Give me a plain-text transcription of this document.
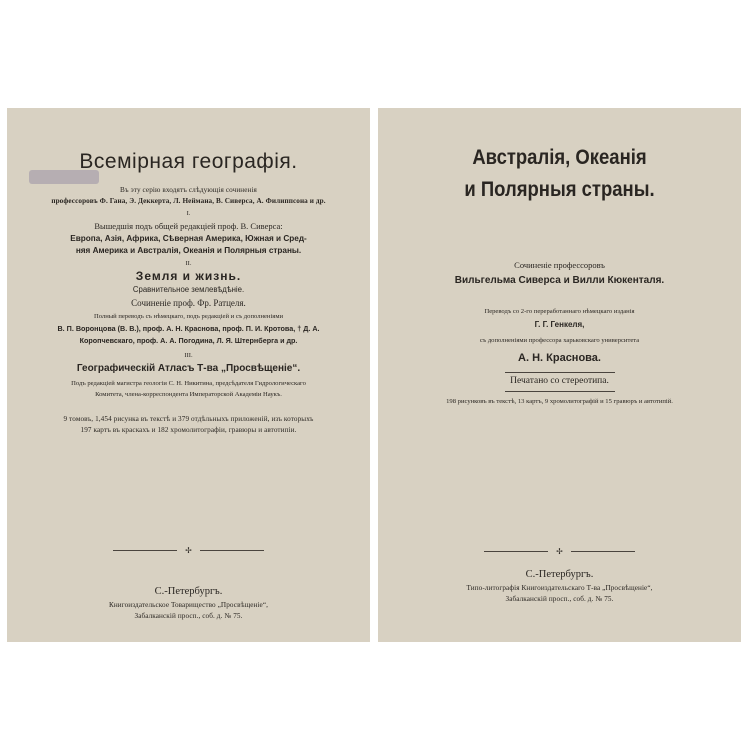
Всемірная географія.
Въ эту серію входятъ слѣдующія сочиненія
профессоровъ Ф. Гана, Э. Деккерта, Л. Неймана, В. Сиверса, А. Филиппсона и др.
I.
Вышедшія подъ общей редакціей проф. В. Сиверса:
Европа, Азія, Африка, Сѣверная Америка, Южная и Сред-
няя Америка и Австралія, Океанія и Полярныя страны.
II.
Земля и жизнь.
Сравнительное землевѣдѣніе.
Сочиненіе проф. Фр. Ратцеля.
Полный переводъ съ нѣмецкаго, подъ редакціей и съ дополненіями
В. П. Воронцова (В. В.), проф. А. Н. Краснова, проф. П. И. Кротова, † Д. А.
Коропчевскаго, проф. А. А. Погодина, Л. Я. Штернберга и др.
III.
Географическій Атласъ Т-ва „Просвѣщеніе“.
Подъ редакціей магистра геологіи С. Н. Никитина, предсѣдателя Гидрологическаго
Комитета, члена-корреспондента Императорской Академіи Наукъ.
9 томовъ, 1,454 рисунка въ текстѣ и 379 отдѣльныхъ приложеній, изъ которыхъ
197 картъ въ краскахъ и 182 хромолитографіи, гравюры и автотипіи.
✢
С.-Петербургъ.
Книгоиздательское Товарищество „Просвѣщеніе“,
Забалканскій просп., соб. д. № 75.
Австралія, Океанія
и Полярныя страны.
Сочиненіе профессоровъ
Вильгельма Сиверса и Вилли Кюкенталя.
Переводъ со 2-го переработаннаго нѣмецкаго изданія
Г. Г. Генкеля,
съ дополненіями профессора харьковскаго университета
А. Н. Краснова.
Печатано со стереотипа.
198 рисунковъ въ текстѣ, 13 картъ, 9 хромолитографій и 15 гравюръ и автотипій.
✢
С.-Петербургъ.
Типо-литографія Книгоиздательскаго Т-ва „Просвѣщеніе“,
Забалканскій просп., соб. д. № 75.
